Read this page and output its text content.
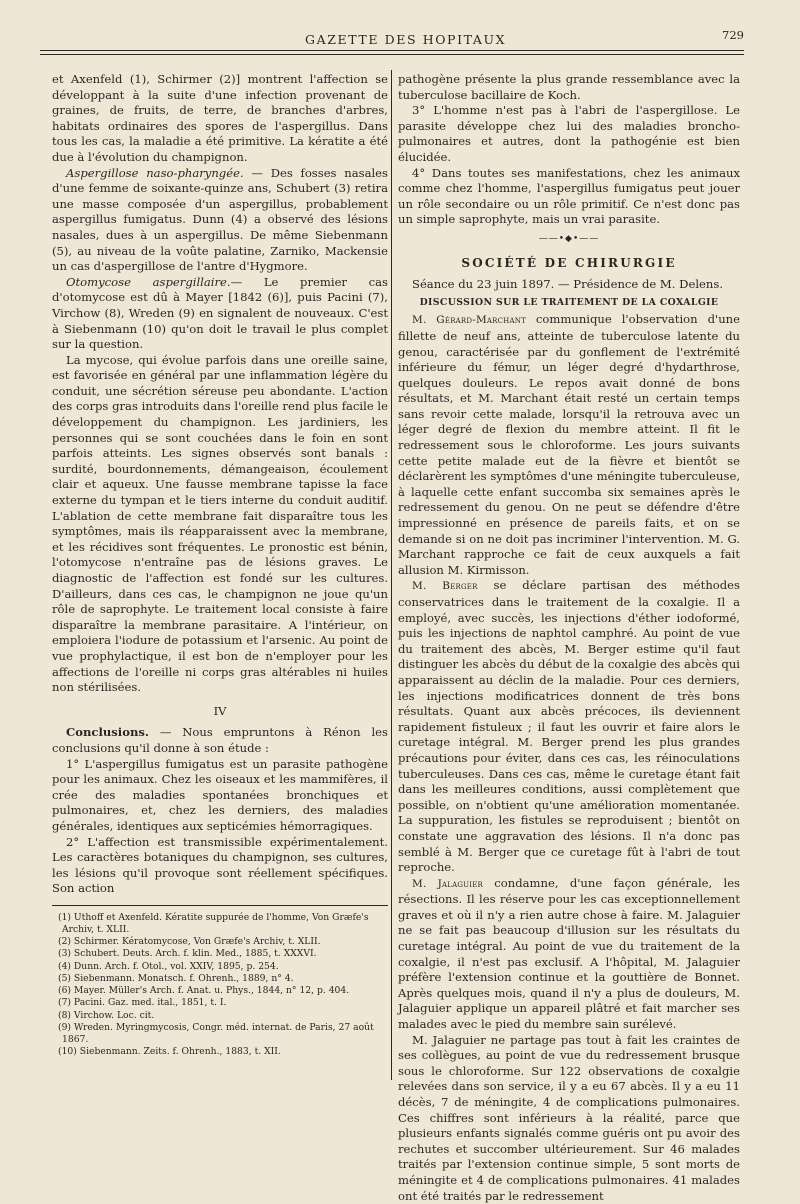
GAZETTE DES HOPITAUX	729

et Axenfeld (1), Schirmer (2)] montrent l'affection se développant à la suite d'une infection provenant de graines, de fruits, de terre, de branches d'arbres, habitats ordinaires des spores de l'aspergillus. Dans tous les cas, la maladie a été primitive. La kératite a été due à l'évolution du champignon.

Aspergillose naso-pharyngée. — Des fosses nasales d'une femme de soixante-quinze ans, Schubert (3) retira une masse composée d'un aspergillus, probablement aspergillus fumigatus. Dunn (4) a observé des lésions nasales, dues à un aspergillus. De même Siebenmann (5), au niveau de la voûte palatine, Zarniko, Mackensie un cas d'aspergillose de l'antre d'Hygmore.

Otomycose aspergillaire.— Le premier cas d'otomycose est dû à Mayer [1842 (6)], puis Pacini (7), Virchow (8), Wreden (9) en signalent de nouveaux. C'est à Siebenmann (10) qu'on doit le travail le plus complet sur la question.

La mycose, qui évolue parfois dans une oreille saine, est favorisée en général par une inflammation légère du conduit, une sécrétion séreuse peu abondante. L'action des corps gras introduits dans l'oreille rend plus facile le développement du champignon. Les jardiniers, les personnes qui se sont couchées dans le foin en sont parfois atteints. Les signes observés sont banals : surdité, bourdonnements, démangeaison, écoulement clair et aqueux. Une fausse membrane tapisse la face externe du tympan et le tiers interne du conduit auditif. L'ablation de cette membrane fait disparaître tous les symptômes, mais ils réapparaissent avec la membrane, et les récidives sont fréquentes. Le pronostic est bénin, l'otomycose n'entraîne pas de lésions graves. Le diagnostic de l'affection est fondé sur les cultures. D'ailleurs, dans ces cas, le champignon ne joue qu'un rôle de saprophyte. Le traitement local consiste à faire disparaître la membrane parasitaire. A l'intérieur, on emploiera l'iodure de potassium et l'arsenic. Au point de vue prophylactique, il est bon de n'employer pour les affections de l'oreille ni corps gras altérables ni huiles non stérilisées.

IV

Conclusions. — Nous empruntons à Rénon les conclusions qu'il donne à son étude :

1° L'aspergillus fumigatus est un parasite pathogène pour les animaux. Chez les oiseaux et les mammifères, il crée des maladies spontanées bronchiques et pulmonaires, et, chez les derniers, des maladies générales, identiques aux septicémies hémorragiques.

2° L'affection est transmissible expérimentalement. Les caractères botaniques du champignon, ses cultures, les lésions qu'il provoque sont réellement spécifiques. Son action

(1) Uthoff et Axenfeld. Kératite suppurée de l'homme, Von Græfe's Archiv, t. XLII.
(2) Schirmer. Kératomycose, Von Græfe's Archiv, t. XLII.
(3) Schubert. Deuts. Arch. f. klin. Med., 1885, t. XXXVI.
(4) Dunn. Arch. f. Otol., vol. XXIV, 1895, p. 254.
(5) Siebenmann. Monatsch. f. Ohrenh., 1889, n° 4.
(6) Mayer. Müller's Arch. f. Anat. u. Phys., 1844, n° 12, p. 404.
(7) Pacini. Gaz. med. ital., 1851, t. I.
(8) Virchow. Loc. cit.
(9) Wreden. Myringmycosis, Congr. méd. internat. de Paris, 27 août 1867.
(10) Siebenmann. Zeits. f. Ohrenh., 1883, t. XII.

pathogène présente la plus grande ressemblance avec la tuberculose bacillaire de Koch.

3° L'homme n'est pas à l'abri de l'aspergillose. Le parasite développe chez lui des maladies broncho-pulmonaires et autres, dont la pathogénie est bien élucidée.

4° Dans toutes ses manifestations, chez les animaux comme chez l'homme, l'aspergillus fumigatus peut jouer un rôle secondaire ou un rôle primitif. Ce n'est donc pas un simple saprophyte, mais un vrai parasite.

——•◆•——
SOCIÉTÉ DE CHIRURGIE

Séance du 23 juin 1897. — Présidence de M. Delens.

DISCUSSION SUR LE TRAITEMENT DE LA COXALGIE

M. Gérard-Marchant communique l'observation d'une fillette de neuf ans, atteinte de tuberculose latente du genou, caractérisée par du gonflement de l'extrémité inférieure du fémur, un léger degré d'hydarthrose, quelques douleurs. Le repos avait donné de bons résultats, et M. Marchant était resté un certain temps sans revoir cette malade, lorsqu'il la retrouva avec un léger degré de flexion du membre atteint. Il fit le redressement sous le chloroforme. Les jours suivants cette petite malade eut de la fièvre et bientôt se déclarèrent les symptômes d'une méningite tuberculeuse, à laquelle cette enfant succomba six semaines après le redressement du genou. On ne peut se défendre d'être impressionné en présence de pareils faits, et on se demande si on ne doit pas incriminer l'intervention. M. G. Marchant rapproche ce fait de ceux auxquels a fait allusion M. Kirmisson.

M. Berger se déclare partisan des méthodes conservatrices dans le traitement de la coxalgie. Il a employé, avec succès, les injections d'éther iodoformé, puis les injections de naphtol camphré. Au point de vue du traitement des abcès, M. Berger estime qu'il faut distinguer les abcès du début de la coxalgie des abcès qui apparaissent au déclin de la maladie. Pour ces derniers, les injections modificatrices donnent de très bons résultats. Quant aux abcès précoces, ils deviennent rapidement fistuleux ; il faut les ouvrir et faire alors le curetage intégral. M. Berger prend les plus grandes précautions pour éviter, dans ces cas, les réinoculations tuberculeuses. Dans ces cas, même le curetage étant fait dans les meilleures conditions, aussi complètement que possible, on n'obtient qu'une amélioration momentanée. La suppuration, les fistules se reproduisent ; bientôt on constate une aggravation des lésions. Il n'a donc pas semblé à M. Berger que ce curetage fût à l'abri de tout reproche.

M. Jalaguier condamne, d'une façon générale, les résections. Il les réserve pour les cas exceptionnellement graves et où il n'y a rien autre chose à faire. M. Jalaguier ne se fait pas beaucoup d'illusion sur les résultats du curetage intégral. Au point de vue du traitement de la coxalgie, il n'est pas exclusif. A l'hôpital, M. Jalaguier préfère l'extension continue et la gouttière de Bonnet. Après quelques mois, quand il n'y a plus de douleurs, M. Jalaguier applique un appareil plâtré et fait marcher ses malades avec le pied du membre sain surélevé.

M. Jalaguier ne partage pas tout à fait les craintes de ses collègues, au point de vue du redressement brusque sous le chloroforme. Sur 122 observations de coxalgie relevées dans son service, il y a eu 67 abcès. Il y a eu 11 décès, 7 de méningite, 4 de complications pulmonaires. Ces chiffres sont inférieurs à la réalité, parce que plusieurs enfants signalés comme guéris ont pu avoir des rechutes et succomber ultérieurement. Sur 46 malades traités par l'extension continue simple, 5 sont morts de méningite et 4 de complications pulmonaires. 41 malades ont été traités par le redressement
